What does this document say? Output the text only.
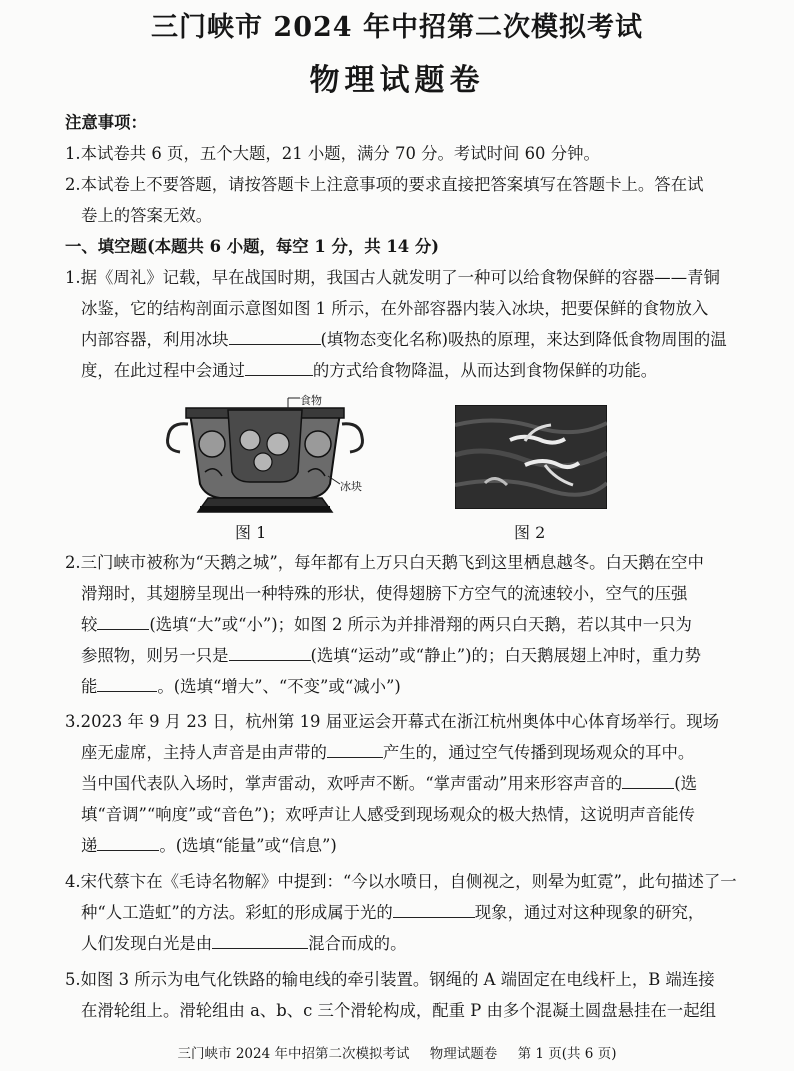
三门峡市 2024 年中招第二次模拟考试
物理试题卷
注意事项：
1.本试卷共 6 页，五个大题，21 小题，满分 70 分。考试时间 60 分钟。
2.本试卷上不要答题，请按答题卡上注意事项的要求直接把答案填写在答题卡上。答在试
卷上的答案无效。
一、填空题(本题共 6 小题，每空 1 分，共 14 分)
1.据《周礼》记载，早在战国时期，我国古人就发明了一种可以给食物保鲜的容器——青铜
冰鉴，它的结构剖面示意图如图 1 所示，在外部容器内装入冰块，把要保鲜的食物放入
内部容器，利用冰块	(填物态变化名称)吸热的原理，来达到降低食物周围的温
度，在此过程中会通过	的方式给食物降温，从而达到食物保鲜的功能。
食物
冰块
图 1	图 2
2.三门峡市被称为“天鹅之城”，每年都有上万只白天鹅飞到这里栖息越冬。白天鹅在空中
滑翔时，其翅膀呈现出一种特殊的形状，使得翅膀下方空气的流速较小，空气的压强
较	(选填“大”或“小”)；如图 2 所示为并排滑翔的两只白天鹅，若以其中一只为
参照物，则另一只是	(选填“运动”或“静止”)的；白天鹅展翅上冲时，重力势
能	。(选填“增大”、“不变”或“减小”)
3.2023 年 9 月 23 日，杭州第 19 届亚运会开幕式在浙江杭州奥体中心体育场举行。现场
座无虚席，主持人声音是由声带的	产生的，通过空气传播到现场观众的耳中。
当中国代表队入场时，掌声雷动，欢呼声不断。“掌声雷动”用来形容声音的	(选
填“音调”“响度”或“音色”)；欢呼声让人感受到现场观众的极大热情，这说明声音能传
递	。(选填“能量”或“信息”)
4.宋代蔡卞在《毛诗名物解》中提到：“今以水喷日，自侧视之，则晕为虹霓”，此句描述了一
种“人工造虹”的方法。彩虹的形成属于光的	现象，通过对这种现象的研究，
人们发现白光是由	混合而成的。
5.如图 3 所示为电气化铁路的输电线的牵引装置。钢绳的 A 端固定在电线杆上，B 端连接
在滑轮组上。滑轮组由 a、b、c 三个滑轮构成，配重 P 由多个混凝土圆盘悬挂在一起组
三门峡市 2024 年中招第二次模拟考试 物理试题卷 第 1 页(共 6 页)
